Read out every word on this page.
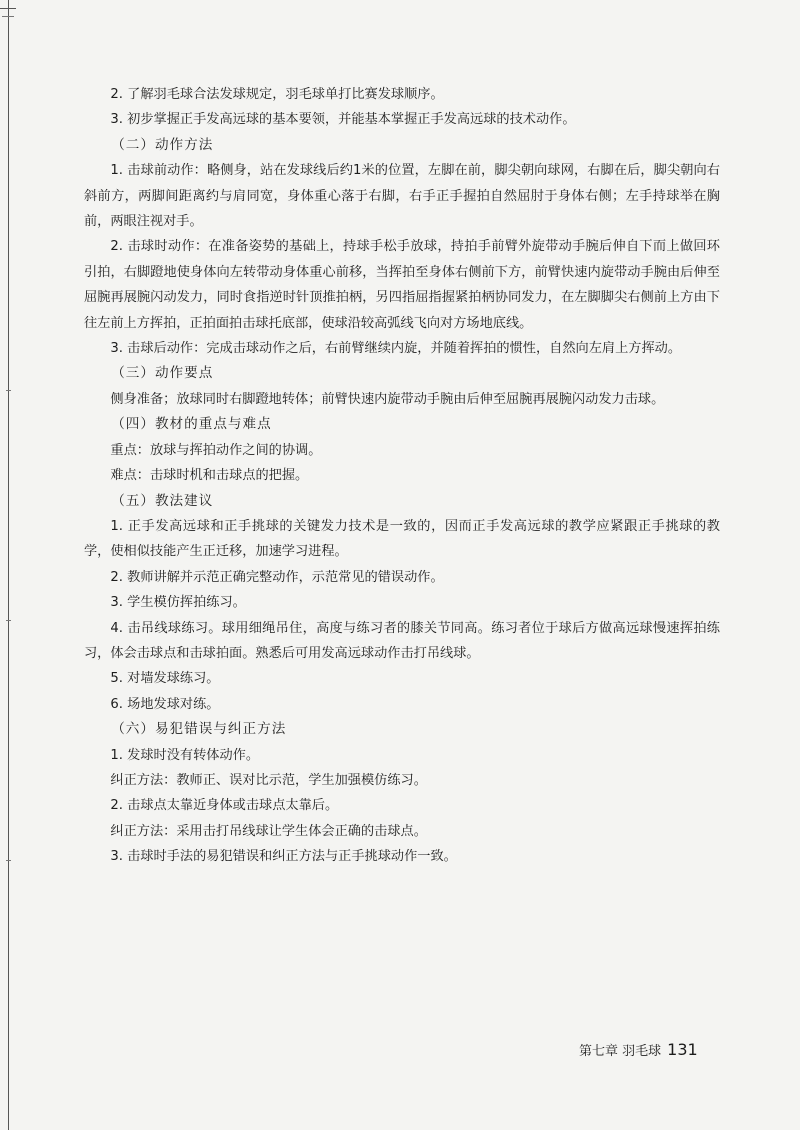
2. 了解羽毛球合法发球规定，羽毛球单打比赛发球顺序。

3. 初步掌握正手发高远球的基本要领，并能基本掌握正手发高远球的技术动作。

（二）动作方法

1. 击球前动作：略侧身，站在发球线后约1米的位置，左脚在前，脚尖朝向球网，右脚在后，脚尖朝向右斜前方，两脚间距离约与肩同宽，身体重心落于右脚，右手正手握拍自然屈肘于身体右侧；左手持球举在胸前，两眼注视对手。

2. 击球时动作：在准备姿势的基础上，持球手松手放球，持拍手前臂外旋带动手腕后伸自下而上做回环引拍，右脚蹬地使身体向左转带动身体重心前移，当挥拍至身体右侧前下方，前臂快速内旋带动手腕由后伸至屈腕再展腕闪动发力，同时食指逆时针顶推拍柄，另四指屈指握紧拍柄协同发力，在左脚脚尖右侧前上方由下往左前上方挥拍，正拍面拍击球托底部，使球沿较高弧线飞向对方场地底线。

3. 击球后动作：完成击球动作之后，右前臂继续内旋，并随着挥拍的惯性，自然向左肩上方挥动。

（三）动作要点

侧身准备；放球同时右脚蹬地转体；前臂快速内旋带动手腕由后伸至屈腕再展腕闪动发力击球。

（四）教材的重点与难点

重点：放球与挥拍动作之间的协调。

难点：击球时机和击球点的把握。

（五）教法建议

1. 正手发高远球和正手挑球的关键发力技术是一致的，因而正手发高远球的教学应紧跟正手挑球的教学，使相似技能产生正迁移，加速学习进程。

2. 教师讲解并示范正确完整动作，示范常见的错误动作。

3. 学生模仿挥拍练习。

4. 击吊线球练习。球用细绳吊住，高度与练习者的膝关节同高。练习者位于球后方做高远球慢速挥拍练习，体会击球点和击球拍面。熟悉后可用发高远球动作击打吊线球。

5. 对墙发球练习。

6. 场地发球对练。

（六）易犯错误与纠正方法

1. 发球时没有转体动作。

纠正方法：教师正、误对比示范，学生加强模仿练习。

2. 击球点太靠近身体或击球点太靠后。

纠正方法：采用击打吊线球让学生体会正确的击球点。

3. 击球时手法的易犯错误和纠正方法与正手挑球动作一致。

第七章 羽毛球 131
